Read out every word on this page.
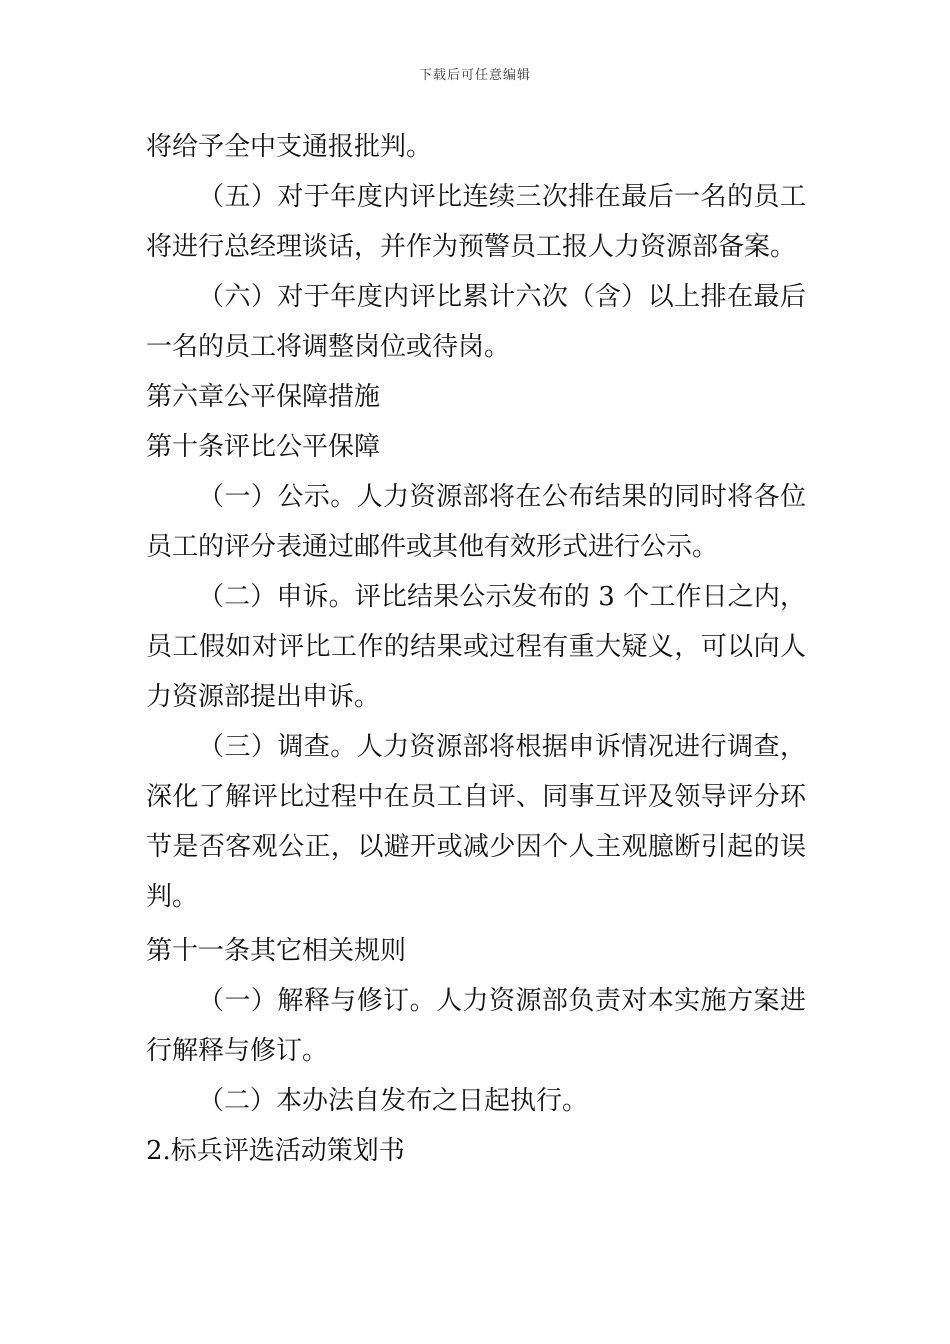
下载后可任意编辑

将给予全中支通报批判。

（五）对于年度内评比连续三次排在最后一名的员工将进行总经理谈话，并作为预警员工报人力资源部备案。

（六）对于年度内评比累计六次（含）以上排在最后一名的员工将调整岗位或待岗。

第六章公平保障措施

第十条评比公平保障

（一）公示。人力资源部将在公布结果的同时将各位员工的评分表通过邮件或其他有效形式进行公示。

（二）申诉。评比结果公示发布的 3 个工作日之内，员工假如对评比工作的结果或过程有重大疑义，可以向人力资源部提出申诉。

（三）调查。人力资源部将根据申诉情况进行调查，深化了解评比过程中在员工自评、同事互评及领导评分环节是否客观公正，以避开或减少因个人主观臆断引起的误判。

第十一条其它相关规则

（一）解释与修订。人力资源部负责对本实施方案进行解释与修订。

（二）本办法自发布之日起执行。

2.标兵评选活动策划书
